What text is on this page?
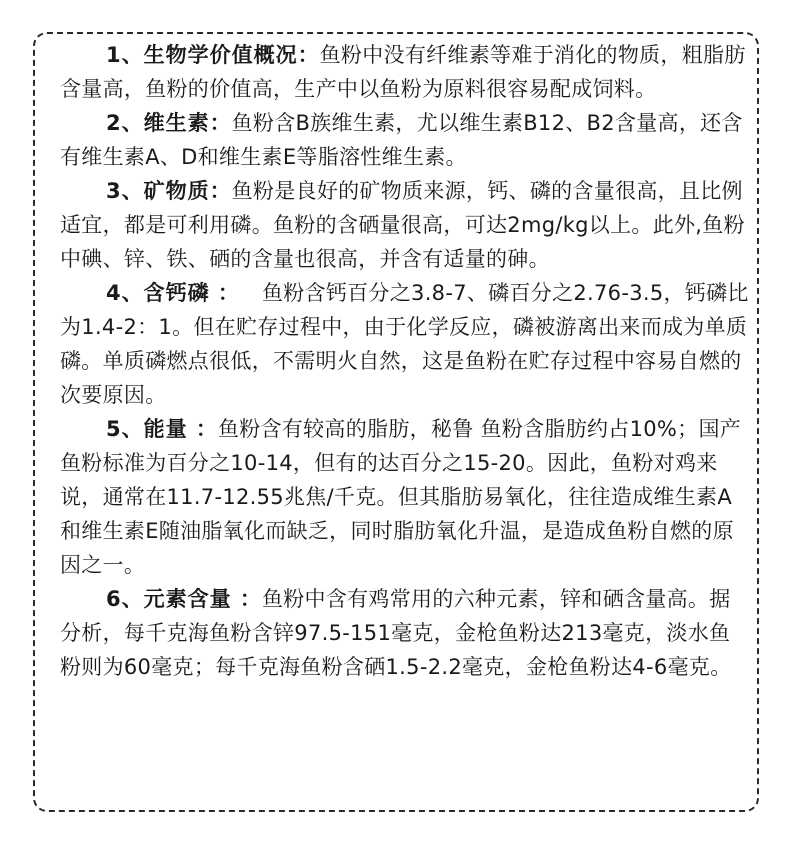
1、生物学价值概况：鱼粉中没有纤维素等难于消化的物质，粗脂肪含量高，鱼粉的价值高，生产中以鱼粉为原料很容易配成饲料。

2、维生素：鱼粉含B族维生素，尤以维生素B12、B2含量高，还含有维生素A、D和维生素E等脂溶性维生素。

3、矿物质：鱼粉是良好的矿物质来源，钙、磷的含量很高，且比例适宜，都是可利用磷。鱼粉的含硒量很高，可达2mg/kg以上。此外,鱼粉中碘、锌、铁、硒的含量也很高，并含有适量的砷。

4、含钙磷 ： 鱼粉含钙百分之3.8-7、磷百分之2.76-3.5，钙磷比为1.4-2：1。但在贮存过程中，由于化学反应，磷被游离出来而成为单质磷。单质磷燃点很低，不需明火自然，这是鱼粉在贮存过程中容易自燃的次要原因。

5、能量 ：鱼粉含有较高的脂肪，秘鲁 鱼粉含脂肪约占10%；国产鱼粉标准为百分之10-14，但有的达百分之15-20。因此，鱼粉对鸡来说，通常在11.7-12.55兆焦/千克。但其脂肪易氧化，往往造成维生素A和维生素E随油脂氧化而缺乏，同时脂肪氧化升温，是造成鱼粉自燃的原因之一。

6、元素含量 ：鱼粉中含有鸡常用的六种元素，锌和硒含量高。据分析，每千克海鱼粉含锌97.5-151毫克，金枪鱼粉达213毫克，淡水鱼粉则为60毫克；每千克海鱼粉含硒1.5-2.2毫克，金枪鱼粉达4-6毫克。
